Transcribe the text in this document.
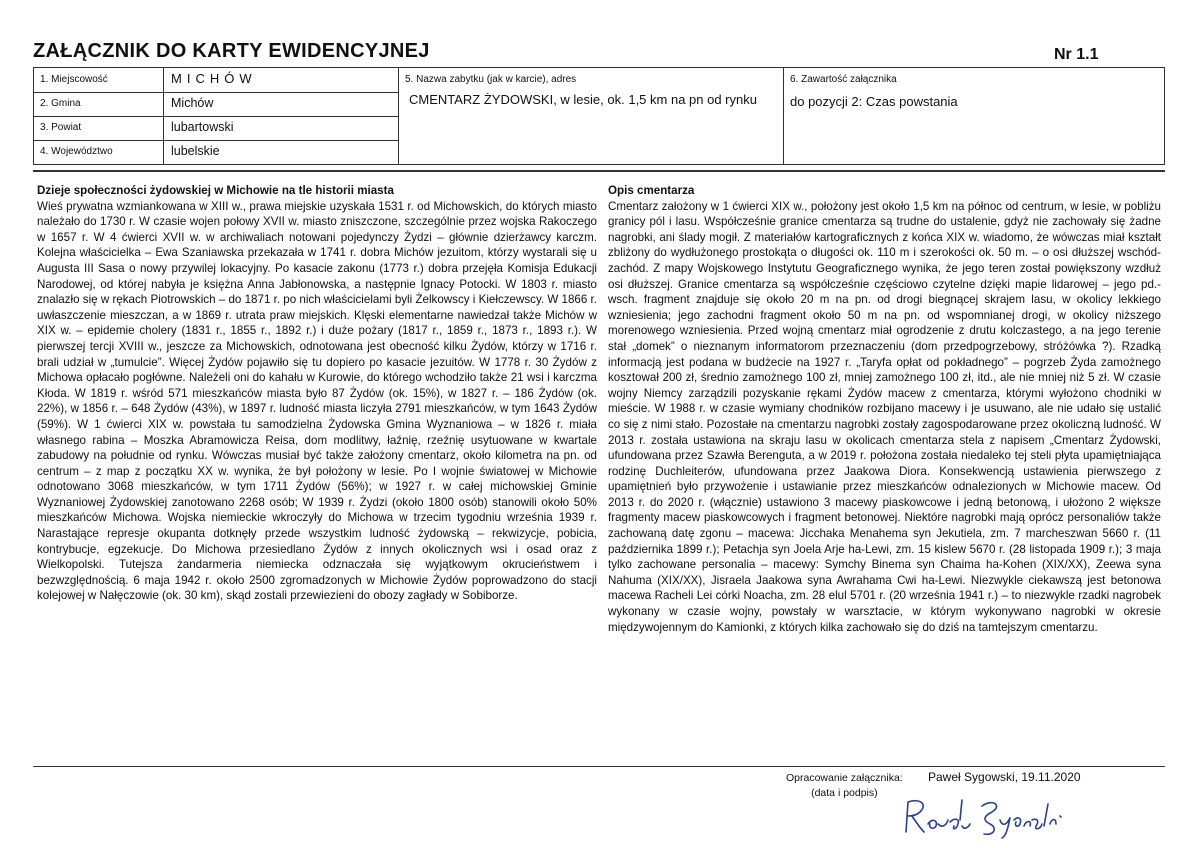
ZAŁĄCZNIK DO KARTY EWIDENCYJNEJ	Nr 1.1
1. Miejscowość	MICHÓW
2. Gmina	Michów
3. Powiat	lubartowski
4. Województwo	lubelskie
5. Nazwa zabytku (jak w karcie), adres
CMENTARZ ŻYDOWSKI, w lesie, ok. 1,5 km na pn od rynku
6. Zawartość załącznika
do pozycji 2: Czas powstania
Dzieje społeczności żydowskiej w Michowie na tle historii miasta

Wieś prywatna wzmiankowana w XIII w., prawa miejskie uzyskała 1531 r. od Michowskich, do których miasto należało do 1730 r. W czasie wojen połowy XVII w. miasto zniszczone, szczególnie przez wojska Rakoczego w 1657 r. W 4 ćwierci XVII w. w archiwaliach notowani pojedynczy Żydzi – głównie dzierżawcy karczm. Kolejna właścicielka – Ewa Szaniawska przekazała w 1741 r. dobra Michów jezuitom, którzy wystarali się u Augusta III Sasa o nowy przywilej lokacyjny. Po kasacie zakonu (1773 r.) dobra przejęła Komisja Edukacji Narodowej, od której nabyła je księżna Anna Jabłonowska, a następnie Ignacy Potocki. W 1803 r. miasto znalazło się w rękach Piotrowskich – do 1871 r. po nich właścicielami byli Żelkowscy i Kiełczewscy. W 1866 r. uwłaszczenie mieszczan, a w 1869 r. utrata praw miejskich. Klęski elementarne nawiedzał także Michów w XIX w. – epidemie cholery (1831 r., 1855 r., 1892 r.) i duże pożary (1817 r., 1859 r., 1873 r., 1893 r.). W pierwszej tercji XVIII w., jeszcze za Michowskich, odnotowana jest obecność kilku Żydów, którzy w 1716 r. brali udział w „tumulcie”. Więcej Żydów pojawiło się tu dopiero po kasacie jezuitów. W 1778 r. 30 Żydów z Michowa opłacało pogłówne. Należeli oni do kahału w Kurowie, do którego wchodziło także 21 wsi i karczma Kłoda. W 1819 r. wśród 571 mieszkańców miasta było 87 Żydów (ok. 15%), w 1827 r. – 186 Żydów (ok. 22%), w 1856 r. – 648 Żydów (43%), w 1897 r. ludność miasta liczyła 2791 mieszkańców, w tym 1643 Żydów (59%). W 1 ćwierci XIX w. powstała tu samodzielna Żydowska Gmina Wyznaniowa – w 1826 r. miała własnego rabina – Moszka Abramowicza Reisa, dom modlitwy, łaźnię, rzeźnię usytuowane w kwartale zabudowy na południe od rynku. Wówczas musiał być także założony cmentarz, około kilometra na pn. od centrum – z map z początku XX w. wynika, że był położony w lesie. Po I wojnie światowej w Michowie odnotowano 3068 mieszkańców, w tym 1711 Żydów (56%); w 1927 r. w całej michowskiej Gminie Wyznaniowej Żydowskiej zanotowano 2268 osób; W 1939 r. Żydzi (około 1800 osób) stanowili około 50% mieszkańców Michowa. Wojska niemieckie wkroczyły do Michowa w trzecim tygodniu września 1939 r. Narastające represje okupanta dotknęły przede wszystkim ludność żydowską – rekwizycje, pobicia, kontrybucje, egzekucje. Do Michowa przesiedlano Żydów z innych okolicznych wsi i osad oraz z Wielkopolski. Tutejsza żandarmeria niemiecka odznaczała się wyjątkowym okrucieństwem i bezwzględnością. 6 maja 1942 r. około 2500 zgromadzonych w Michowie Żydów poprowadzono do stacji kolejowej w Nałęczowie (ok. 30 km), skąd zostali przewiezieni do obozy zagłady w Sobiborze.

Opis cmentarza

Cmentarz założony w 1 ćwierci XIX w., położony jest około 1,5 km na północ od centrum, w lesie, w pobliżu granicy pól i lasu. Współcześnie granice cmentarza są trudne do ustalenie, gdyż nie zachowały się żadne nagrobki, ani ślady mogił. Z materiałów kartograficznych z końca XIX w. wiadomo, że wówczas miał kształt zbliżony do wydłużonego prostokąta o długości ok. 110 m i szerokości ok. 50 m. – o osi dłuższej wschód-zachód. Z mapy Wojskowego Instytutu Geograficznego wynika, że jego teren został powiększony wzdłuż osi dłuższej. Granice cmentarza są współcześnie częściowo czytelne dzięki mapie lidarowej – jego pd.-wsch. fragment znajduje się około 20 m na pn. od drogi biegnącej skrajem lasu, w okolicy lekkiego wzniesienia; jego zachodni fragment około 50 m na pn. od wspomnianej drogi, w okolicy niższego morenowego wzniesienia. Przed wojną cmentarz miał ogrodzenie z drutu kolczastego, a na jego terenie stał „domek” o nieznanym informatorom przeznaczeniu (dom przedpogrzebowy, stróżówka ?). Rzadką informacją jest podana w budżecie na 1927 r. „Taryfa opłat od pokładnego” – pogrzeb Żyda zamożnego kosztował 200 zł, średnio zamożnego 100 zł, mniej zamożnego 100 zł, itd., ale nie mniej niż 5 zł. W czasie wojny Niemcy zarządzili pozyskanie rękami Żydów macew z cmentarza, którymi wyłożono chodniki w mieście. W 1988 r. w czasie wymiany chodników rozbijano macewy i je usuwano, ale nie udało się ustalić co się z nimi stało. Pozostałe na cmentarzu nagrobki zostały zagospodarowane przez okoliczną ludność. W 2013 r. została ustawiona na skraju lasu w okolicach cmentarza stela z napisem „Cmentarz Żydowski, ufundowana przez Szawła Berenguta, a w 2019 r. położona została niedaleko tej steli płyta upamiętniająca rodzinę Duchleiterów, ufundowana przez Jaakowa Diora. Konsekwencją ustawienia pierwszego z upamiętnień było przywożenie i ustawianie przez mieszkańców odnalezionych w Michowie macew. Od 2013 r. do 2020 r. (włącznie) ustawiono 3 macewy piaskowcowe i jedną betonową, i ułożono 2 większe fragmenty macew piaskowcowych i fragment betonowej. Niektóre nagrobki mają oprócz personaliów także zachowaną datę zgonu – macewa: Jicchaka Menahema syn Jekutiela, zm. 7 marcheszwan 5660 r. (11 października 1899 r.); Petachja syn Joela Arje ha-Lewi, zm. 15 kislew 5670 r. (28 listopada 1909 r.); 3 maja tylko zachowane personalia – macewy: Symchy Binema syn Chaima ha-Kohen (XIX/XX), Zeewa syna Nahuma (XIX/XX), Jisraela Jaakowa syna Awrahama Cwi ha-Lewi. Niezwykle ciekawszą jest betonowa macewa Racheli Lei córki Noacha, zm. 28 elul 5701 r. (20 września 1941 r.) – to niezwykle rzadki nagrobek wykonany w czasie wojny, powstały w warsztacie, w którym wykonywano nagrobki w okresie międzywojennym do Kamionki, z których kilka zachowało się do dziś na tamtejszym cmentarzu.

Opracowanie załącznika:
(data i podpis)
Paweł Sygowski, 19.11.2020
